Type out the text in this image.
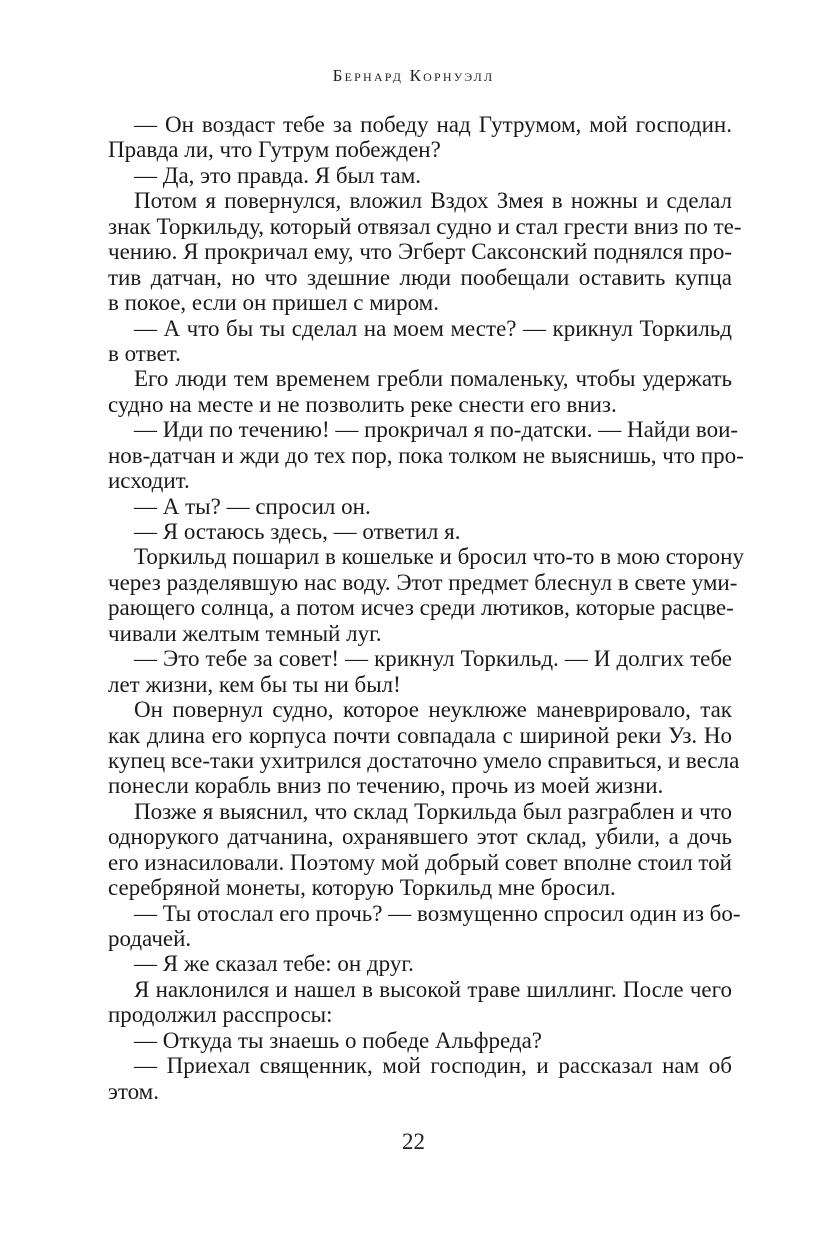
Бернард Корнуэлл
— Он воздаст тебе за победу над Гутрумом, мой господин.
Правда ли, что Гутрум побежден?
— Да, это правда. Я был там.
Потом я повернулся, вложил Вздох Змея в ножны и сделал
знак Торкильду, который отвязал судно и стал грести вниз по те-
чению. Я прокричал ему, что Эгберт Саксонский поднялся про-
тив датчан, но что здешние люди пообещали оставить купца
в покое, если он пришел с миром.
— А что бы ты сделал на моем месте? — крикнул Торкильд
в ответ.
Его люди тем временем гребли помаленьку, чтобы удержать
судно на месте и не позволить реке снести его вниз.
— Иди по течению! — прокричал я по-датски. — Найди вои-
нов-датчан и жди до тех пор, пока толком не выяснишь, что про-
исходит.
— А ты? — спросил он.
— Я остаюсь здесь, — ответил я.
Торкильд пошарил в кошельке и бросил что-то в мою сторону
через разделявшую нас воду. Этот предмет блеснул в свете уми-
рающего солнца, а потом исчез среди лютиков, которые расцве-
чивали желтым темный луг.
— Это тебе за совет! — крикнул Торкильд. — И долгих тебе
лет жизни, кем бы ты ни был!
Он повернул судно, которое неуклюже маневрировало, так
как длина его корпуса почти совпадала с шириной реки Уз. Но
купец все-таки ухитрился достаточно умело справиться, и весла
понесли корабль вниз по течению, прочь из моей жизни.
Позже я выяснил, что склад Торкильда был разграблен и что
однорукого датчанина, охранявшего этот склад, убили, а дочь
его изнасиловали. Поэтому мой добрый совет вполне стоил той
серебряной монеты, которую Торкильд мне бросил.
— Ты отослал его прочь? — возмущенно спросил один из бо-
родачей.
— Я же сказал тебе: он друг.
Я наклонился и нашел в высокой траве шиллинг. После чего
продолжил расспросы:
— Откуда ты знаешь о победе Альфреда?
— Приехал священник, мой господин, и рассказал нам об
этом.
22
